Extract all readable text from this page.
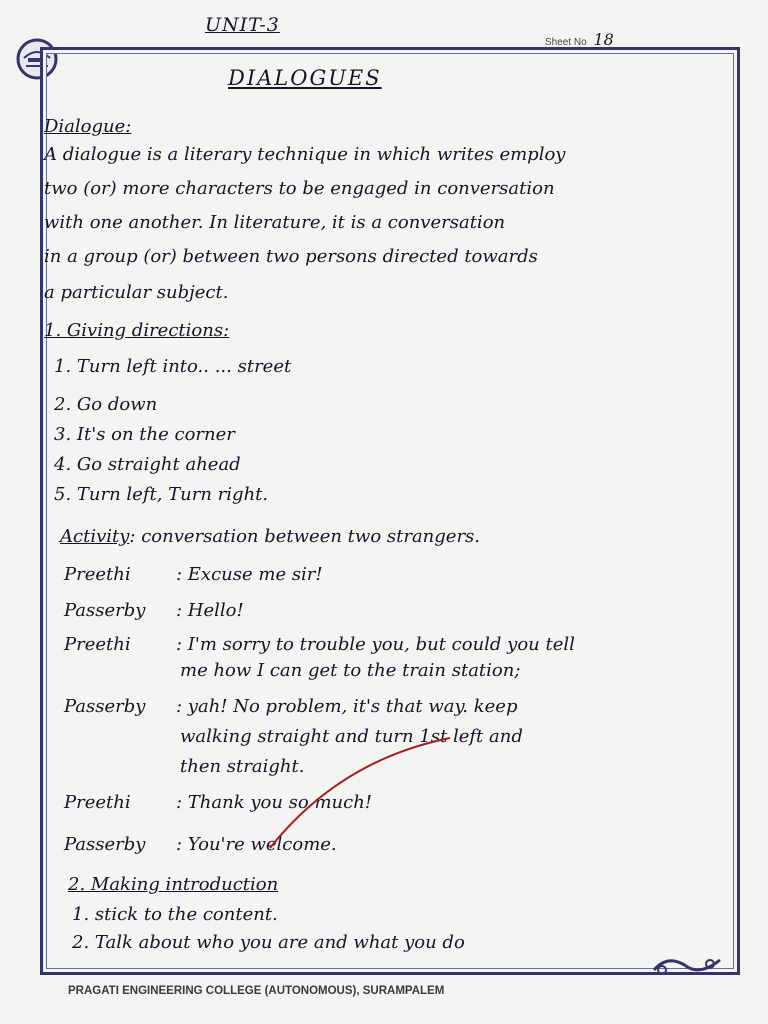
UNIT-3
Sheet No 18
DIALOGUES
Dialogue:
A dialogue is a literary technique in which writes employ
two (or) more characters to be engaged in conversation
with one another. In literature, it is a conversation
in a group (or) between two persons directed towards
a particular subject.
1. Giving directions:
1. Turn left into.. ... street
2. Go down
3. It's on the corner
4. Go straight ahead
5. Turn left, Turn right.
Activity: conversation between two strangers.
Preethi	: Excuse me sir!
Passerby : Hello!
Preethi	: I'm sorry to trouble you, but could you tell
me how I can get to the train station;
Passerby : yah! No problem, it's that way. keep
walking straight and turn 1st left and
then straight.
Preethi	: Thank you so much!
Passerby : You're welcome.
2. Making introduction
1. stick to the content.
2. Talk about who you are and what you do
PRAGATI ENGINEERING COLLEGE (AUTONOMOUS), SURAMPALEM
